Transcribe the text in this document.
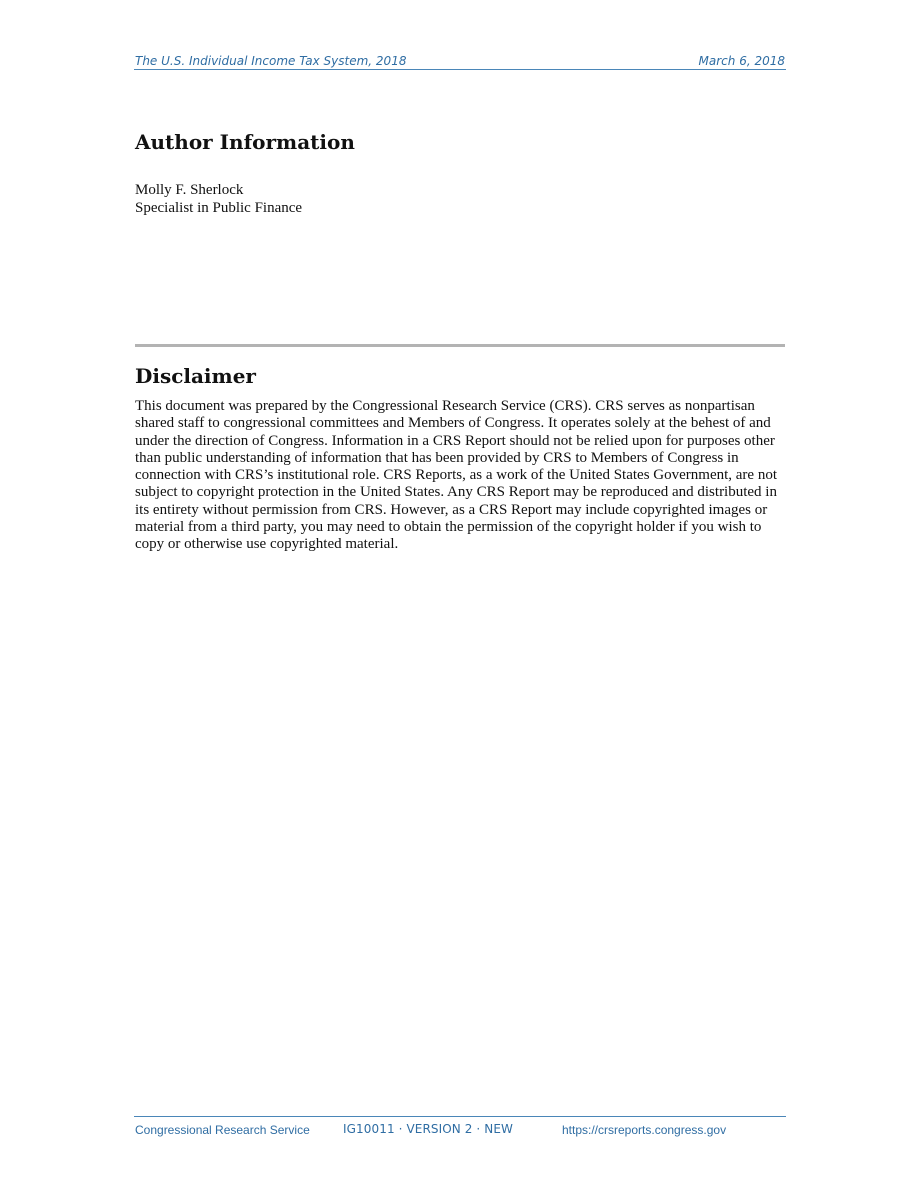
The U.S. Individual Income Tax System, 2018	March 6, 2018
Author Information
Molly F. Sherlock
Specialist in Public Finance
Disclaimer

This document was prepared by the Congressional Research Service (CRS). CRS serves as nonpartisan shared staff to congressional committees and Members of Congress. It operates solely at the behest of and under the direction of Congress. Information in a CRS Report should not be relied upon for purposes other than public understanding of information that has been provided by CRS to Members of Congress in connection with CRS’s institutional role. CRS Reports, as a work of the United States Government, are not subject to copyright protection in the United States. Any CRS Report may be reproduced and distributed in its entirety without permission from CRS. However, as a CRS Report may include copyrighted images or material from a third party, you may need to obtain the permission of the copyright holder if you wish to copy or otherwise use copyrighted material.

Congressional Research Service	IG10011 · VERSION 2 · NEW	https://crsreports.congress.gov
